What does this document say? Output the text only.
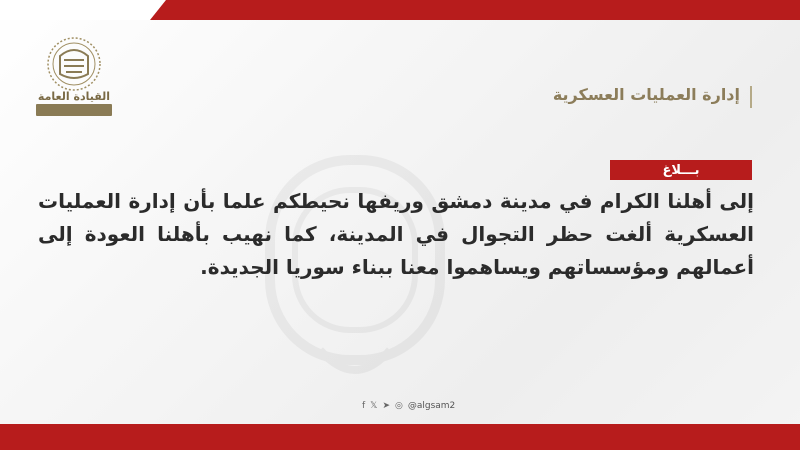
القيادة العامة	إدارة العمليات العسكرية
بـــلاغ
إلى أهلنا الكرام في مدينة دمشق وريفها نحيطكم علما بأن إدارة العمليات العسكرية ألغت حظر التجوال في المدينة، كما نهيب بأهلنا العودة إلى أعمالهم ومؤسساتهم ويساهموا معنا ببناء سوريا الجديدة.
f 𝕏 ➤ ◎ @algsam2
